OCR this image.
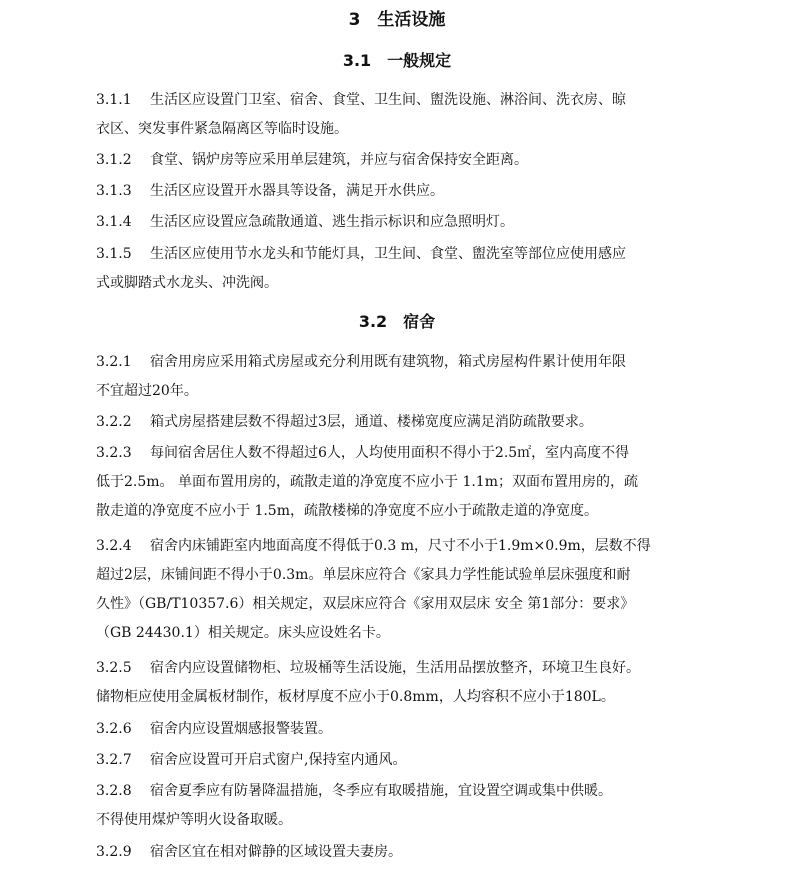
3　生活设施
3.1　一般规定

3.1.1 生活区应设置门卫室、宿舍、食堂、卫生间、盥洗设施、淋浴间、洗衣房、晾
衣区、突发事件紧急隔离区等临时设施。

3.1.2 食堂、锅炉房等应采用单层建筑，并应与宿舍保持安全距离。

3.1.3 生活区应设置开水器具等设备，满足开水供应。

3.1.4 生活区应设置应急疏散通道、逃生指示标识和应急照明灯。

3.1.5 生活区应使用节水龙头和节能灯具，卫生间、食堂、盥洗室等部位应使用感应
式或脚踏式水龙头、冲洗阀。

3.2　宿舍

3.2.1 宿舍用房应采用箱式房屋或充分利用既有建筑物，箱式房屋构件累计使用年限
不宜超过20年。

3.2.2 箱式房屋搭建层数不得超过3层，通道、楼梯宽度应满足消防疏散要求。

3.2.3 每间宿舍居住人数不得超过6人，人均使用面积不得小于2.5㎡，室内高度不得
低于2.5m。 单面布置用房的，疏散走道的净宽度不应小于 1.1m；双面布置用房的，疏
散走道的净宽度不应小于 1.5m，疏散楼梯的净宽度不应小于疏散走道的净宽度。

3.2.4 宿舍内床铺距室内地面高度不得低于0.3 m，尺寸不小于1.9m×0.9m，层数不得
超过2层，床铺间距不得小于0.3m。单层床应符合《家具力学性能试验单层床强度和耐
久性》（GB/T10357.6）相关规定，双层床应符合《家用双层床 安全 第1部分：要求》
（GB 24430.1）相关规定。床头应设姓名卡。

3.2.5 宿舍内应设置储物柜、垃圾桶等生活设施，生活用品摆放整齐，环境卫生良好。
储物柜应使用金属板材制作，板材厚度不应小于0.8mm，人均容积不应小于180L。

3.2.6 宿舍内应设置烟感报警装置。

3.2.7 宿舍应设置可开启式窗户,保持室内通风。

3.2.8 宿舍夏季应有防暑降温措施，冬季应有取暖措施，宜设置空调或集中供暖。
不得使用煤炉等明火设备取暖。

3.2.9 宿舍区宜在相对僻静的区域设置夫妻房。
